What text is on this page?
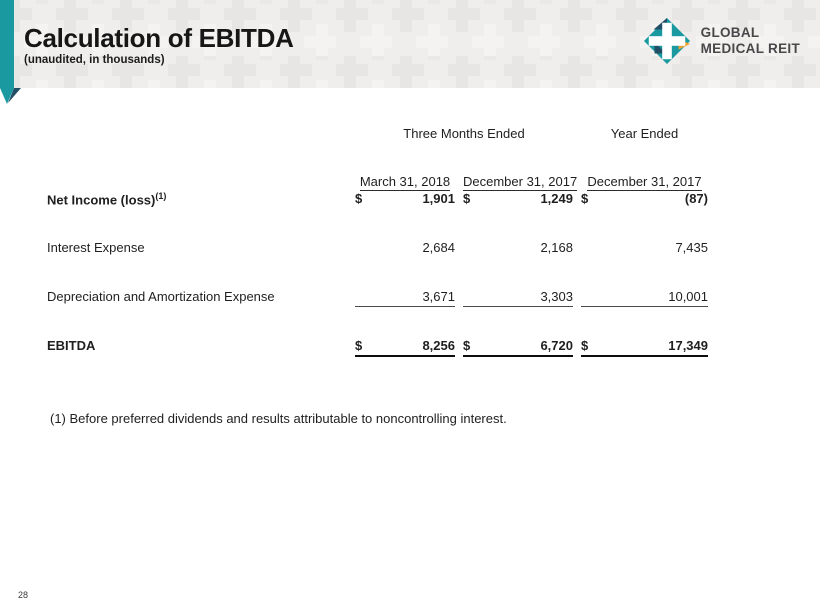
Calculation of EBITDA

(unaudited, in thousands)

GLOBAL
MEDICAL REIT
Three Months Ended	Year Ended
March 31, 2018 December 31, 2017 December 31, 2017
Net Income (loss)$^{(1)}$	$	1,901 $	1,249 $	(87)
Interest Expense	2,684	2,168	7,435
Depreciation and Amortization Expense	3,671	3,303	10,001
EBITDA	$	8,256 $	6,720 $	17,349
(1) Before preferred dividends and results attributable to noncontrolling interest.
28
